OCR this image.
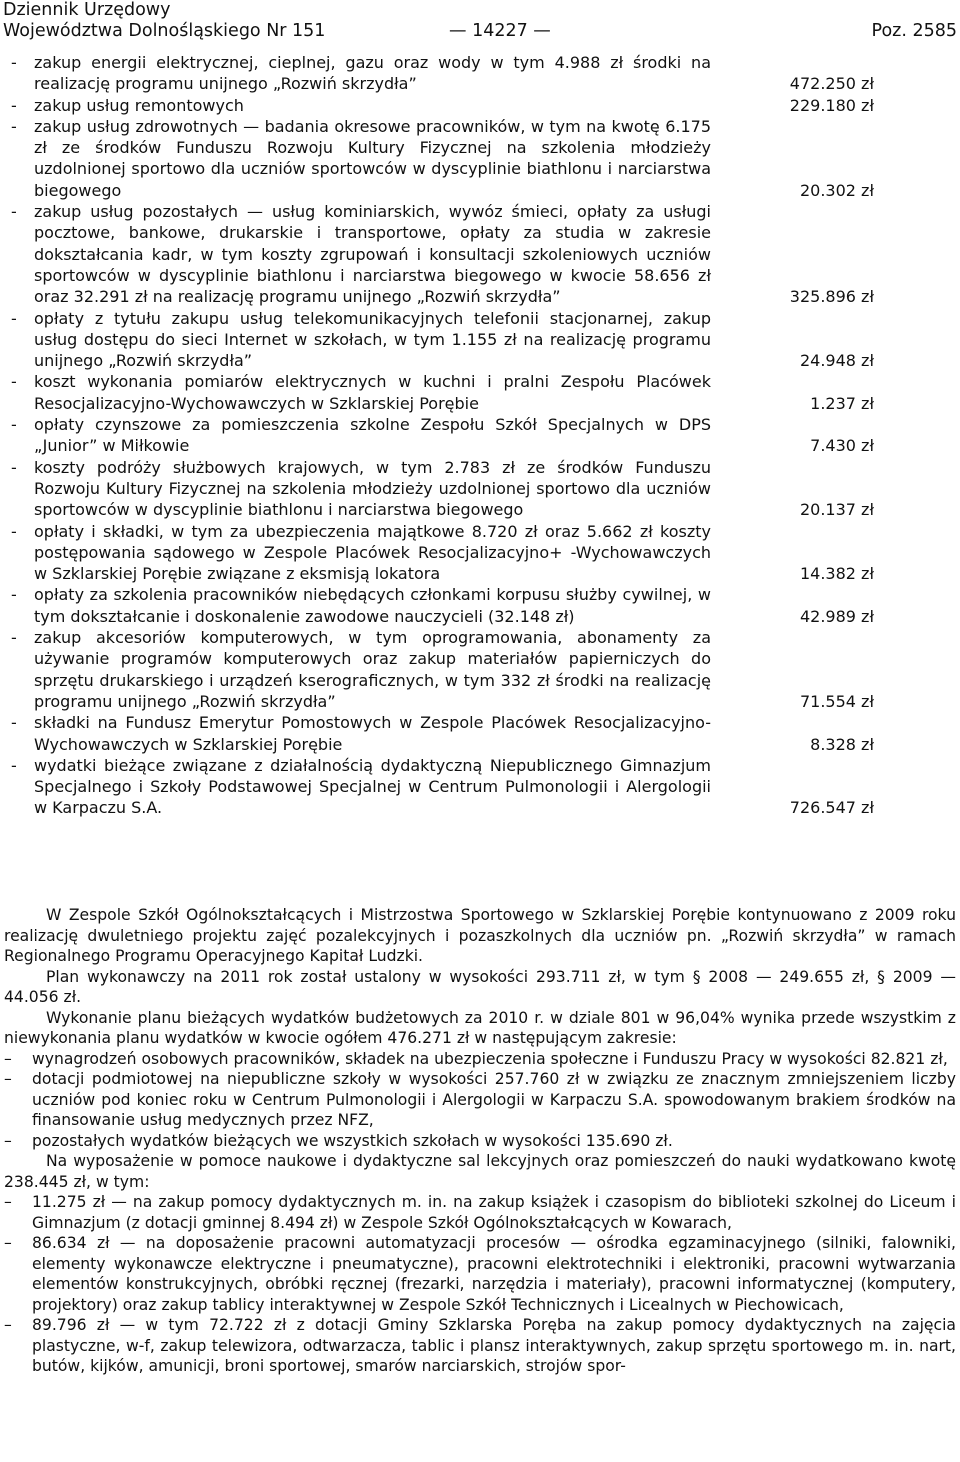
Dziennik Urzędowy
Województwa Dolnośląskiego Nr 151	— 14227 —	Poz. 2585
-	zakup energii elektrycznej, cieplnej, gazu oraz wody w tym 4.988 zł środki na realizację programu unijnego „Rozwiń skrzydła”	472.250 zł
-	zakup usług remontowych	229.180 zł
-	zakup usług zdrowotnych — badania okresowe pracowników, w tym na kwotę 6.175 zł ze środków Funduszu Rozwoju Kultury Fizycznej na szkolenia młodzieży uzdolnionej sportowo dla uczniów sportowców w dyscyplinie biathlonu i narciarstwa biegowego	20.302 zł
-	zakup usług pozostałych — usług kominiarskich, wywóz śmieci, opłaty za usługi pocztowe, bankowe, drukarskie i transportowe, opłaty za studia w zakresie dokształcania kadr, w tym koszty zgrupowań i konsultacji szkoleniowych uczniów sportowców w dyscyplinie biathlonu i narciarstwa biegowego w kwocie 58.656 zł oraz 32.291 zł na realizację programu unijnego „Rozwiń skrzydła”	325.896 zł
-	opłaty z tytułu zakupu usług telekomunikacyjnych telefonii stacjonarnej, zakup usług dostępu do sieci Internet w szkołach, w tym 1.155 zł na realizację programu unijnego „Rozwiń skrzydła”	24.948 zł
-	koszt wykonania pomiarów elektrycznych w kuchni i pralni Zespołu Placówek Resocjalizacyjno-Wychowawczych w Szklarskiej Porębie	1.237 zł
-	opłaty czynszowe za pomieszczenia szkolne Zespołu Szkół Specjalnych w DPS „Junior” w Miłkowie	7.430 zł
-	koszty podróży służbowych krajowych, w tym 2.783 zł ze środków Funduszu Rozwoju Kultury Fizycznej na szkolenia młodzieży uzdolnionej sportowo dla uczniów sportowców w dyscyplinie biathlonu i narciarstwa biegowego	20.137 zł
-	opłaty i składki, w tym za ubezpieczenia majątkowe 8.720 zł oraz 5.662 zł koszty postępowania sądowego w Zespole Placówek Resocjalizacyjno+ -Wychowawczych w Szklarskiej Porębie związane z eksmisją lokatora	14.382 zł
-	opłaty za szkolenia pracowników niebędących członkami korpusu służby cywilnej, w tym dokształcanie i doskonalenie zawodowe nauczycieli (32.148 zł)	42.989 zł
-	zakup akcesoriów komputerowych, w tym oprogramowania, abonamenty za używanie programów komputerowych oraz zakup materiałów papierniczych do sprzętu drukarskiego i urządzeń kserograficznych, w tym 332 zł środki na realizację programu unijnego „Rozwiń skrzydła”	71.554 zł
-	składki na Fundusz Emerytur Pomostowych w Zespole Placówek Resocjalizacyjno-Wychowawczych w Szklarskiej Porębie	8.328 zł
-	wydatki bieżące związane z działalnością dydaktyczną Niepublicznego Gimnazjum Specjalnego i Szkoły Podstawowej Specjalnej w Centrum Pulmonologii i Alergologii w Karpaczu S.A.	726.547 zł

W Zespole Szkół Ogólnokształcących i Mistrzostwa Sportowego w Szklarskiej Porębie kontynuowano z 2009 roku realizację dwuletniego projektu zajęć pozalekcyjnych i pozaszkolnych dla uczniów pn. „Rozwiń skrzydła” w ramach Regionalnego Programu Operacyjnego Kapitał Ludzki.

Plan wykonawczy na 2011 rok został ustalony w wysokości 293.711 zł, w tym § 2008 — 249.655 zł, § 2009 — 44.056 zł.

Wykonanie planu bieżących wydatków budżetowych za 2010 r. w dziale 801 w 96,04% wynika przede wszystkim z niewykonania planu wydatków w kwocie ogółem 476.271 zł w następującym zakresie:

– wynagrodzeń osobowych pracowników, składek na ubezpieczenia społeczne i Funduszu Pracy w wysokości 82.821 zł,
– dotacji podmiotowej na niepubliczne szkoły w wysokości 257.760 zł w związku ze znacznym zmniejszeniem liczby uczniów pod koniec roku w Centrum Pulmonologii i Alergologii w Karpaczu S.A. spowodowanym brakiem środków na finansowanie usług medycznych przez NFZ,
– pozostałych wydatków bieżących we wszystkich szkołach w wysokości 135.690 zł.

Na wyposażenie w pomoce naukowe i dydaktyczne sal lekcyjnych oraz pomieszczeń do nauki wydatkowano kwotę 238.445 zł, w tym:

– 11.275 zł — na zakup pomocy dydaktycznych m. in. na zakup książek i czasopism do biblioteki szkolnej do Liceum i Gimnazjum (z dotacji gminnej 8.494 zł) w Zespole Szkół Ogólnokształcących w Kowarach,
– 86.634 zł — na doposażenie pracowni automatyzacji procesów — ośrodka egzaminacyjnego (silniki, falowniki, elementy wykonawcze elektryczne i pneumatyczne), pracowni elektrotechniki i elektroniki, pracowni wytwarzania elementów konstrukcyjnych, obróbki ręcznej (frezarki, narzędzia i materiały), pracowni informatycznej (komputery, projektory) oraz zakup tablicy interaktywnej w Zespole Szkół Technicznych i Licealnych w Piechowicach,
– 89.796 zł — w tym 72.722 zł z dotacji Gminy Szklarska Poręba na zakup pomocy dydaktycznych na zajęcia plastyczne, w-f, zakup telewizora, odtwarzacza, tablic i plansz interaktywnych, zakup sprzętu sportowego m. in. nart, butów, kijków, amunicji, broni sportowej, smarów narciarskich, strojów spor-
